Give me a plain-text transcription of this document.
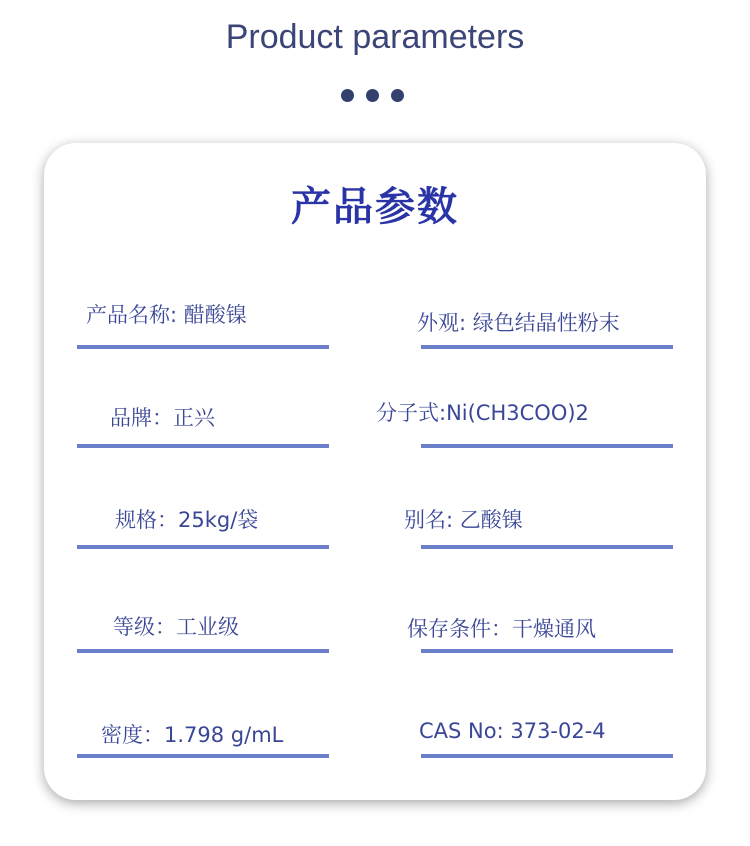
Product parameters
产品参数
产品名称: 醋酸镍	外观: 绿色结晶性粉末
品牌：正兴	分子式:Ni(CH3COO)2
规格：25kg/袋	别名: 乙酸镍
等级：工业级	保存条件：干燥通风
密度：1.798 g/mL	CAS No: 373-02-4
